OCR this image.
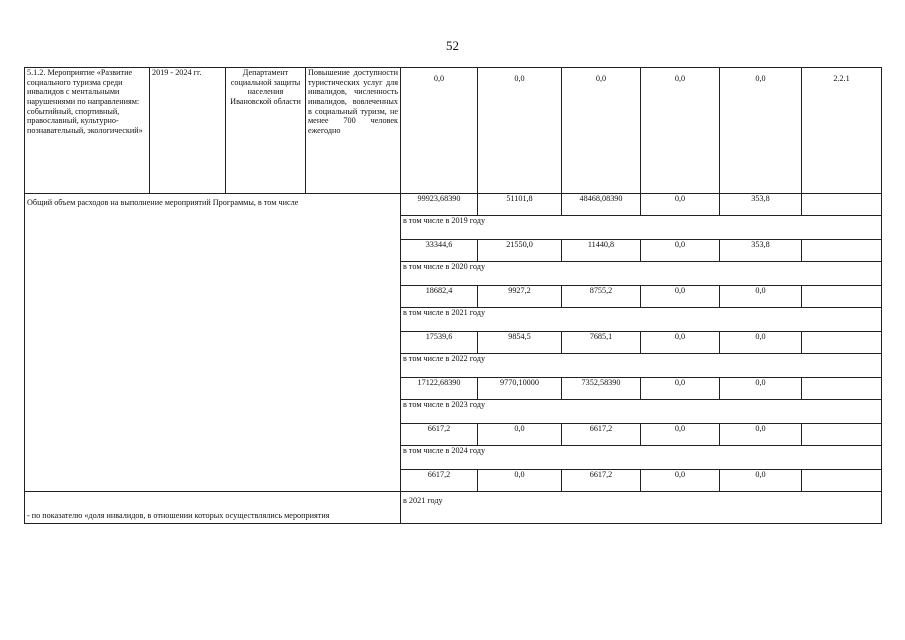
52
5.1.2. Мероприятие «Развитие социального туризма среди инвалидов с ментальными нарушениями по направлениям: событийный, спортивный, православный, культурно-познавательный, экологический»	2019 - 2024 гг.	Департамент социальной защиты населения Ивановской области	Повышение доступности туристических услуг для инвалидов, численность инвалидов, вовлеченных в социальный туризм, не менее 700 человек ежегодно	0,0	0,0	0,0	0,0	0,0	2.2.1
Общий объем расходов на выполнение мероприятий Программы, в том числе				99923,68390	51101,8	48468,08390	0,0	353,8	
				в том числе в 2019 году					
				33344,6	21550,0	11440,8	0,0	353,8	
				в том числе в 2020 году					
				18682,4	9927,2	8755,2	0,0	0,0	
				в том числе в 2021 году					
				17539,6	9854,5	7685,1	0,0	0,0	
				в том числе в 2022 году					
				17122,68390	9770,10000	7352,58390	0,0	0,0	
				в том числе в 2023 году					
				6617,2	0,0	6617,2	0,0	0,0	
				в том числе в 2024 году					
				6617,2	0,0	6617,2	0,0	0,0	
- по показателю «доля инвалидов, в отношении которых осуществлялись мероприятия				в 2021 году					
